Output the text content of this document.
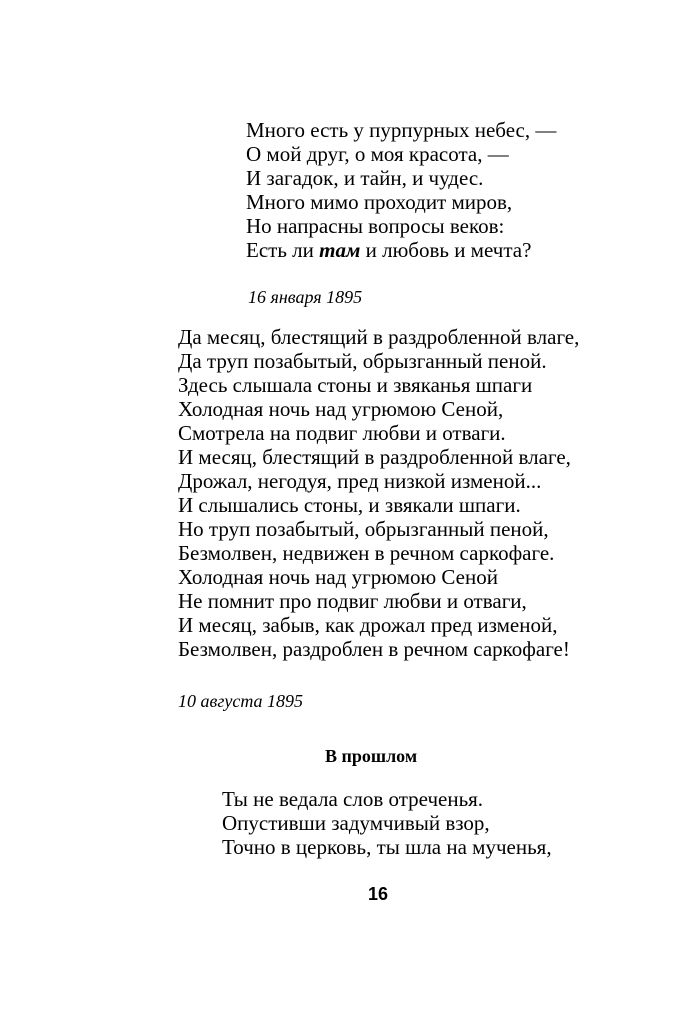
Много есть у пурпурных небес, —
О мой друг, о моя красота, —
И загадок, и тайн, и чудес.
Много мимо проходит миров,
Но напрасны вопросы веков:
Есть ли там и любовь и мечта?
16 января 1895
Да месяц, блестящий в раздробленной влаге,
Да труп позабытый, обрызганный пеной.
Здесь слышала стоны и звяканья шпаги
Холодная ночь над угрюмою Сеной,
Смотрела на подвиг любви и отваги.
И месяц, блестящий в раздробленной влаге,
Дрожал, негодуя, пред низкой изменой...
И слышались стоны, и звякали шпаги.
Но труп позабытый, обрызганный пеной,
Безмолвен, недвижен в речном саркофаге.
Холодная ночь над угрюмою Сеной
Не помнит про подвиг любви и отваги,
И месяц, забыв, как дрожал пред изменой,
Безмолвен, раздроблен в речном саркофаге!
10 августа 1895
В прошлом
Ты не ведала слов отреченья.
Опустивши задумчивый взор,
Точно в церковь, ты шла на мученья,
16
